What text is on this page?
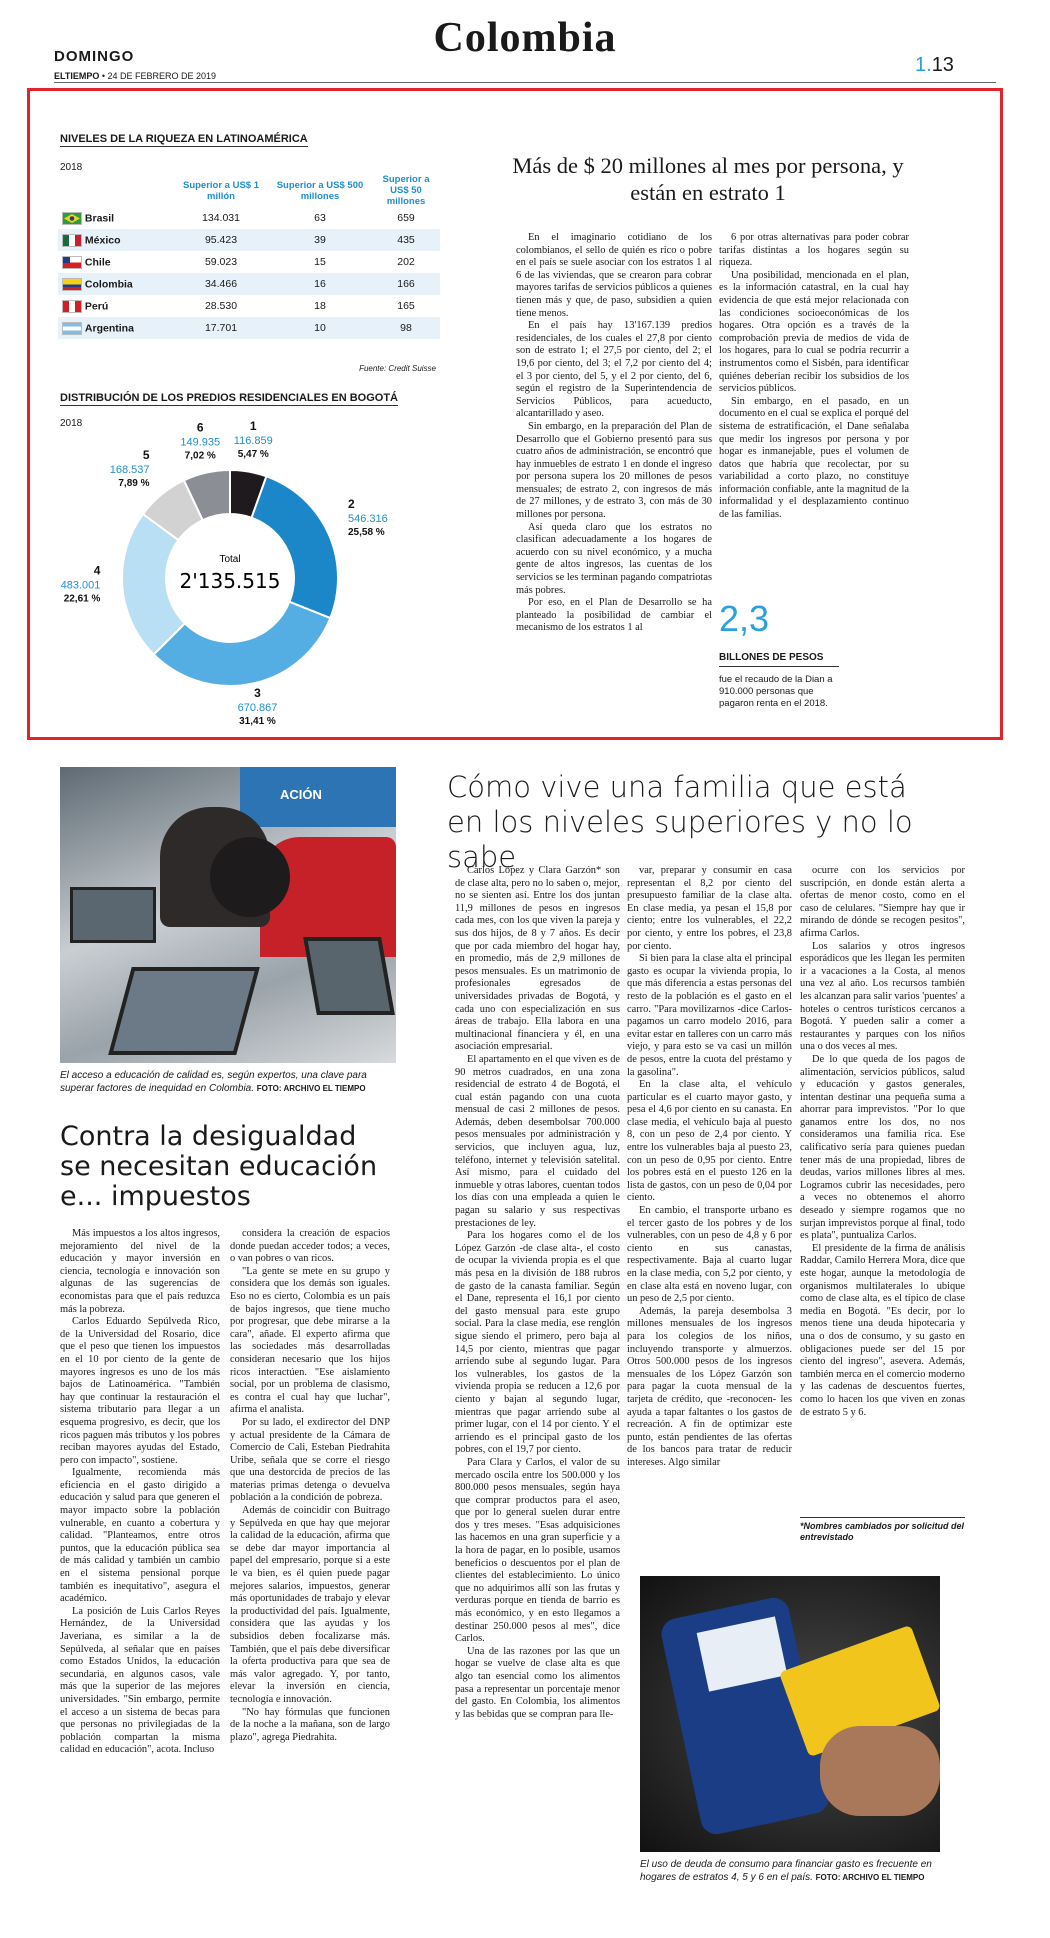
DOMINGO
ELTIEMPO • 24 DE FEBRERO DE 2019
Colombia
1.13
NIVELES DE LA RIQUEZA EN LATINOAMÉRICA
2018
	Superior a US$ 1 millón	Superior a US$ 500 millones	Superior a US$ 50 millones

Brasil	134.031	63	659
México	95.423	39	435

Chile	59.023	15	202
Colombia	34.466	16	166
Perú	28.530	18	165
Argentina	17.701	10	98
Fuente: Credit Suisse
DISTRIBUCIÓN DE LOS PREDIOS RESIDENCIALES EN BOGOTÁ
2018	1
116.859
5,47 %
2
546.316
25,58 %
3
670.867
31,41 %
4
483.001
22,61 %
5
168.537
7,89 %
6
149.935
7,02 %
Total
2'135.515
Más de $ 20 millones al mes por persona, y están en estrato 1

En el imaginario cotidiano de los colombianos, el sello de quién es rico o pobre en el país se suele asociar con los estratos 1 al 6 de las viviendas, que se crearon para cobrar mayores tarifas de servicios públicos a quienes tienen más y que, de paso, subsidien a quien tiene menos.

En el país hay 13'167.139 predios residenciales, de los cuales el 27,8 por ciento son de estrato 1; el 27,5 por ciento, del 2; el 19,6 por ciento, del 3; el 7,2 por ciento del 4; el 3 por ciento, del 5, y el 2 por ciento, del 6, según el registro de la Superintendencia de Servicios Públicos, para acueducto, alcantarillado y aseo.

Sin embargo, en la preparación del Plan de Desarrollo que el Gobierno presentó para sus cuatro años de administración, se encontró que hay inmuebles de estrato 1 en donde el ingreso por persona supera los 20 millones de pesos mensuales; de estrato 2, con ingresos de más de 27 millones, y de estrato 3, con más de 30 millones por persona.

Así queda claro que los estratos no clasifican adecuadamente a los hogares de acuerdo con su nivel económico, y a mucha gente de altos ingresos, las cuentas de los servicios se les terminan pagando compatriotas más pobres.

Por eso, en el Plan de Desarrollo se ha planteado la posibilidad de cambiar el mecanismo de los estratos 1 al

6 por otras alternativas para poder cobrar tarifas distintas a los hogares según su riqueza.

Una posibilidad, mencionada en el plan, es la información catastral, en la cual hay evidencia de que está mejor relacionada con las condiciones socioeconómicas de los hogares. Otra opción es a través de la comprobación previa de medios de vida de los hogares, para lo cual se podría recurrir a instrumentos como el Sisbén, para identificar quiénes deberían recibir los subsidios de los servicios públicos.

Sin embargo, en el pasado, en un documento en el cual se explica el porqué del sistema de estratificación, el Dane señalaba que medir los ingresos por persona y por hogar es inmanejable, pues el volumen de datos que habría que recolectar, por su variabilidad a corto plazo, no constituye información confiable, ante la magnitud de la informalidad y el desplazamiento continuo de las familias.

2,3
BILLONES DE PESOS
fue el recaudo de la Dian a 910.000 personas que pagaron renta en el 2018.
ACIÓN
El acceso a educación de calidad es, según expertos, una clave para superar factores de inequidad en Colombia. FOTO: ARCHIVO EL TIEMPO
Contra la desigualdad se necesitan educación e... impuestos

Más impuestos a los altos ingresos, mejoramiento del nivel de la educación y mayor inversión en ciencia, tecnología e innovación son algunas de las sugerencias de economistas para que el país reduzca más la pobreza.

Carlos Eduardo Sepúlveda Rico, de la Universidad del Rosario, dice que el peso que tienen los impuestos en el 10 por ciento de la gente de mayores ingresos es uno de los más bajos de Latinoamérica. "También hay que continuar la restauración el sistema tributario para llegar a un esquema progresivo, es decir, que los ricos paguen más tributos y los pobres reciban mayores ayudas del Estado, pero con impacto", sostiene.

Igualmente, recomienda más eficiencia en el gasto dirigido a educación y salud para que generen el mayor impacto sobre la población vulnerable, en cuanto a cobertura y calidad. "Planteamos, entre otros puntos, que la educación pública sea de más calidad y también un cambio en el sistema pensional porque también es inequitativo", asegura el académico.

La posición de Luis Carlos Reyes Hernández, de la Universidad Javeriana, es similar a la de Sepúlveda, al señalar que en países como Estados Unidos, la educación secundaria, en algunos casos, vale más que la superior de las mejores universidades. "Sin embargo, permite el acceso a un sistema de becas para que personas no privilegiadas de la población compartan la misma calidad en educación", acota. Incluso

considera la creación de espacios donde puedan acceder todos; a veces, o van pobres o van ricos.

"La gente se mete en su grupo y considera que los demás son iguales. Eso no es cierto, Colombia es un país de bajos ingresos, que tiene mucho por progresar, que debe mirarse a la cara", añade. El experto afirma que las sociedades más desarrolladas consideran necesario que los hijos ricos interactúen. "Ese aislamiento social, por un problema de clasismo, es contra el cual hay que luchar", afirma el analista.

Por su lado, el exdirector del DNP y actual presidente de la Cámara de Comercio de Cali, Esteban Piedrahita Uribe, señala que se corre el riesgo que una destorcida de precios de las materias primas detenga o devuelva población a la condición de pobreza.

Además de coincidir con Buitrago y Sepúlveda en que hay que mejorar la calidad de la educación, afirma que se debe dar mayor importancia al papel del empresario, porque si a este le va bien, es él quien puede pagar mejores salarios, impuestos, generar más oportunidades de trabajo y elevar la productividad del país. Igualmente, considera que las ayudas y los subsidios deben focalizarse más. También, que el país debe diversificar la oferta productiva para que sea de más valor agregado. Y, por tanto, elevar la inversión en ciencia, tecnología e innovación.

"No hay fórmulas que funcionen de la noche a la mañana, son de largo plazo", agrega Piedrahita.

Cómo vive una familia que está en los niveles superiores y no lo sabe

Carlos López y Clara Garzón* son de clase alta, pero no lo saben o, mejor, no se sienten así. Entre los dos juntan 11,9 millones de pesos en ingresos cada mes, con los que viven la pareja y sus dos hijos, de 8 y 7 años. Es decir que por cada miembro del hogar hay, en promedio, más de 2,9 millones de pesos mensuales. Es un matrimonio de profesionales egresados de universidades privadas de Bogotá, y cada uno con especialización en sus áreas de trabajo. Ella labora en una multinacional financiera y él, en una asociación empresarial.

El apartamento en el que viven es de 90 metros cuadrados, en una zona residencial de estrato 4 de Bogotá, el cual están pagando con una cuota mensual de casi 2 millones de pesos. Además, deben desembolsar 700.000 pesos mensuales por administración y servicios, que incluyen agua, luz, teléfono, internet y televisión satelital. Así mismo, para el cuidado del inmueble y otras labores, cuentan todos los días con una empleada a quien le pagan su salario y sus respectivas prestaciones de ley.

Para los hogares como el de los López Garzón -de clase alta-, el costo de ocupar la vivienda propia es el que más pesa en la división de 188 rubros de gasto de la canasta familiar. Según el Dane, representa el 16,1 por ciento del gasto mensual para este grupo social. Para la clase media, ese renglón sigue siendo el primero, pero baja al 14,5 por ciento, mientras que pagar arriendo sube al segundo lugar. Para los vulnerables, los gastos de la vivienda propia se reducen a 12,6 por ciento y bajan al segundo lugar, mientras que pagar arriendo sube al primer lugar, con el 14 por ciento. Y el arriendo es el principal gasto de los pobres, con el 19,7 por ciento.

Para Clara y Carlos, el valor de su mercado oscila entre los 500.000 y los 800.000 pesos mensuales, según haya que comprar productos para el aseo, que por lo general suelen durar entre dos y tres meses. "Esas adquisiciones las hacemos en una gran superficie y a la hora de pagar, en lo posible, usamos beneficios o descuentos por el plan de clientes del establecimiento. Lo único que no adquirimos allí son las frutas y verduras porque en tienda de barrio es más económico, y en esto llegamos a destinar 250.000 pesos al mes", dice Carlos.

Una de las razones por las que un hogar se vuelve de clase alta es que algo tan esencial como los alimentos pasa a representar un porcentaje menor del gasto. En Colombia, los alimentos y las bebidas que se compran para lle-

var, preparar y consumir en casa representan el 8,2 por ciento del presupuesto familiar de la clase alta. En clase media, ya pesan el 15,8 por ciento; entre los vulnerables, el 22,2 por ciento, y entre los pobres, el 23,8 por ciento.

Si bien para la clase alta el principal gasto es ocupar la vivienda propia, lo que más diferencia a estas personas del resto de la población es el gasto en el carro. "Para movilizarnos -dice Carlos- pagamos un carro modelo 2016, para evitar estar en talleres con un carro más viejo, y para esto se va casi un millón de pesos, entre la cuota del préstamo y la gasolina".

En la clase alta, el vehículo particular es el cuarto mayor gasto, y pesa el 4,6 por ciento en su canasta. En clase media, el vehículo baja al puesto 8, con un peso de 2,4 por ciento. Y entre los vulnerables baja al puesto 23, con un peso de 0,95 por ciento. Entre los pobres está en el puesto 126 en la lista de gastos, con un peso de 0,04 por ciento.

En cambio, el transporte urbano es el tercer gasto de los pobres y de los vulnerables, con un peso de 4,8 y 6 por ciento en sus canastas, respectivamente. Baja al cuarto lugar en la clase media, con 5,2 por ciento, y en clase alta está en noveno lugar, con un peso de 2,5 por ciento.

Además, la pareja desembolsa 3 millones mensuales de los ingresos para los colegios de los niños, incluyendo transporte y almuerzos. Otros 500.000 pesos de los ingresos mensuales de los López Garzón son para pagar la cuota mensual de la tarjeta de crédito, que -reconocen- les ayuda a tapar faltantes o los gastos de recreación. A fin de optimizar este punto, están pendientes de las ofertas de los bancos para tratar de reducir intereses. Algo similar

ocurre con los servicios por suscripción, en donde están alerta a ofertas de menor costo, como en el caso de celulares. "Siempre hay que ir mirando de dónde se recogen pesitos", afirma Carlos.

Los salarios y otros ingresos esporádicos que les llegan les permiten ir a vacaciones a la Costa, al menos una vez al año. Los recursos también les alcanzan para salir varios 'puentes' a hoteles o centros turísticos cercanos a Bogotá. Y pueden salir a comer a restaurantes y parques con los niños una o dos veces al mes.

De lo que queda de los pagos de alimentación, servicios públicos, salud y educación y gastos generales, intentan destinar una pequeña suma a ahorrar para imprevistos. "Por lo que ganamos entre los dos, no nos consideramos una familia rica. Ese calificativo sería para quienes puedan tener más de una propiedad, libres de deudas, varios millones libres al mes. Logramos cubrir las necesidades, pero a veces no obtenemos el ahorro deseado y siempre rogamos que no surjan imprevistos porque al final, todo es plata", puntualiza Carlos.

El presidente de la firma de análisis Raddar, Camilo Herrera Mora, dice que este hogar, aunque la metodología de organismos multilaterales lo ubique como de clase alta, es el típico de clase media en Bogotá. "Es decir, por lo menos tiene una deuda hipotecaria y una o dos de consumo, y su gasto en obligaciones puede ser del 15 por ciento del ingreso", asevera. Además, también merca en el comercio moderno y las cadenas de descuentos fuertes, como lo hacen los que viven en zonas de estrato 5 y 6.

*Nombres cambiados por solicitud del entrevistado
El uso de deuda de consumo para financiar gasto es frecuente en hogares de estratos 4, 5 y 6 en el país. FOTO: ARCHIVO EL TIEMPO
